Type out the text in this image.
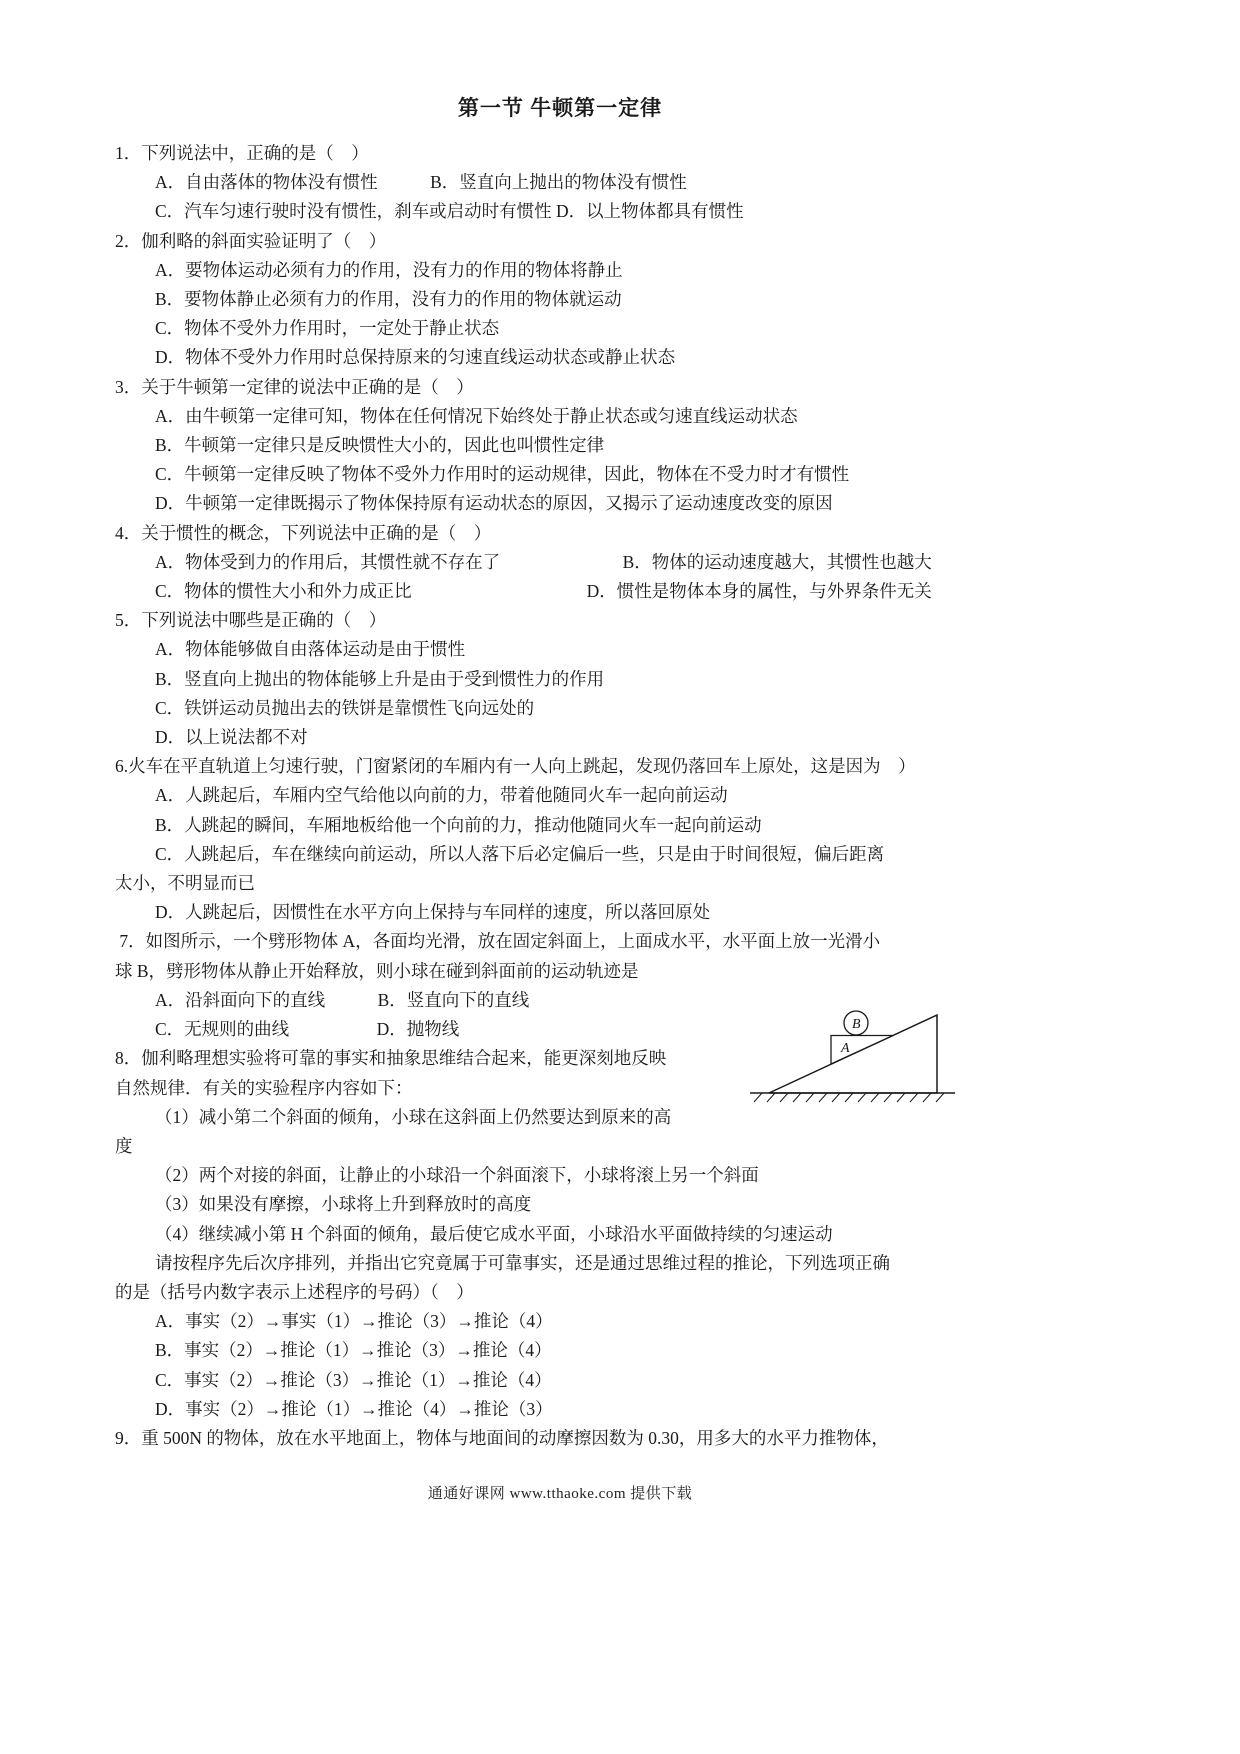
第一节 牛顿第一定律
1．下列说法中，正确的是（　）
A．自由落体的物体没有惯性　　　B．竖直向上抛出的物体没有惯性
C．汽车匀速行驶时没有惯性，刹车或启动时有惯性 D．以上物体都具有惯性
2．伽利略的斜面实验证明了（　）
A．要物体运动必须有力的作用，没有力的作用的物体将静止
B．要物体静止必须有力的作用，没有力的作用的物体就运动
C．物体不受外力作用时，一定处于静止状态
D．物体不受外力作用时总保持原来的匀速直线运动状态或静止状态
3．关于牛顿第一定律的说法中正确的是（　）
A．由牛顿第一定律可知，物体在任何情况下始终处于静止状态或匀速直线运动状态
B．牛顿第一定律只是反映惯性大小的，因此也叫惯性定律
C．牛顿第一定律反映了物体不受外力作用时的运动规律，因此，物体在不受力时才有惯性
D．牛顿第一定律既揭示了物体保持原有运动状态的原因，又揭示了运动速度改变的原因
4．关于惯性的概念，下列说法中正确的是（　）
A．物体受到力的作用后，其惯性就不存在了　　　　　　　B．物体的运动速度越大，其惯性也越大
C．物体的惯性大小和外力成正比　　　　　　　　　　D．惯性是物体本身的属性，与外界条件无关
5．下列说法中哪些是正确的（　）
A．物体能够做自由落体运动是由于惯性
B．竖直向上抛出的物体能够上升是由于受到惯性力的作用
C．铁饼运动员抛出去的铁饼是靠惯性飞向远处的
D．以上说法都不对
6.火车在平直轨道上匀速行驶，门窗紧闭的车厢内有一人向上跳起，发现仍落回车上原处，这是因为　）
A．人跳起后，车厢内空气给他以向前的力，带着他随同火车一起向前运动
B．人跳起的瞬间，车厢地板给他一个向前的力，推动他随同火车一起向前运动
C．人跳起后，车在继续向前运动，所以人落下后必定偏后一些，只是由于时间很短，偏后距离
太小，不明显而已
D．人跳起后，因惯性在水平方向上保持与车同样的速度，所以落回原处
7．如图所示，一个劈形物体 A，各面均光滑，放在固定斜面上，上面成水平，水平面上放一光滑小
球 B，劈形物体从静止开始释放，则小球在碰到斜面前的运动轨迹是
A．沿斜面向下的直线　　　B．竖直向下的直线
C．无规则的曲线　　　　　D．抛物线
8．伽利略理想实验将可靠的事实和抽象思维结合起来，能更深刻地反映
自然规律．有关的实验程序内容如下：
（1）减小第二个斜面的倾角，小球在这斜面上仍然要达到原来的高
度
（2）两个对接的斜面，让静止的小球沿一个斜面滚下，小球将滚上另一个斜面
（3）如果没有摩擦，小球将上升到释放时的高度
（4）继续减小第 H 个斜面的倾角，最后使它成水平面，小球沿水平面做持续的匀速运动
请按程序先后次序排列，并指出它究竟属于可靠事实，还是通过思维过程的推论，下列选项正确
的是（括号内数字表示上述程序的号码）（　）
A．事实（2）→事实（1）→推论（3）→推论（4）
B．事实（2）→推论（1）→推论（3）→推论（4）
C．事实（2）→推论（3）→推论（1）→推论（4）
D．事实（2）→推论（1）→推论（4）→推论（3）
9．重 500N 的物体，放在水平地面上，物体与地面间的动摩擦因数为 0.30，用多大的水平力推物体，
A
B
通通好课网 www.tthaoke.com 提供下载
